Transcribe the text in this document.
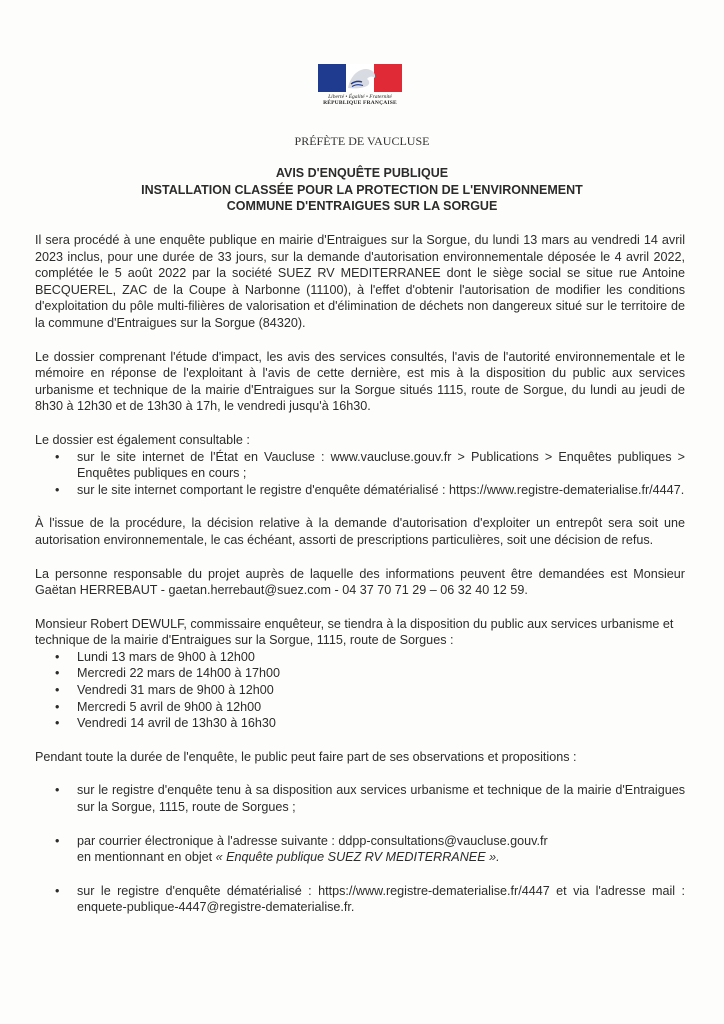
Liberté • Égalité • Fraternité
RÉPUBLIQUE FRANÇAISE
PRÉFÈTE DE VAUCLUSE
AVIS D'ENQUÊTE PUBLIQUE
INSTALLATION CLASSÉE POUR LA PROTECTION DE L'ENVIRONNEMENT
COMMUNE D'ENTRAIGUES SUR LA SORGUE

Il sera procédé à une enquête publique en mairie d'Entraigues sur la Sorgue, du lundi 13 mars au vendredi 14 avril 2023 inclus, pour une durée de 33 jours, sur la demande d'autorisation environnementale déposée le 4 avril 2022, complétée le 5 août 2022 par la société SUEZ RV MEDITERRANEE dont le siège social se situe rue Antoine BECQUEREL, ZAC de la Coupe à Narbonne (11100), à l'effet d'obtenir l'autorisation de modifier les conditions d'exploitation du pôle multi-filières de valorisation et d'élimination de déchets non dangereux situé sur le territoire de la commune d'Entraigues sur la Sorgue (84320).

Le dossier comprenant l'étude d'impact, les avis des services consultés, l'avis de l'autorité environnementale et le mémoire en réponse de l'exploitant à l'avis de cette dernière, est mis à la disposition du public aux services urbanisme et technique de la mairie d'Entraigues sur la Sorgue situés 1115, route de Sorgue, du lundi au jeudi de 8h30 à 12h30 et de 13h30 à 17h, le vendredi jusqu'à 16h30.

Le dossier est également consultable :

• sur le site internet de l'État en Vaucluse : www.vaucluse.gouv.fr > Publications > Enquêtes publiques > Enquêtes publiques en cours ;
• sur le site internet comportant le registre d'enquête dématérialisé : https://www.registre-dematerialise.fr/4447.

À l'issue de la procédure, la décision relative à la demande d'autorisation d'exploiter un entrepôt sera soit une autorisation environnementale, le cas échéant, assorti de prescriptions particulières, soit une décision de refus.

La personne responsable du projet auprès de laquelle des informations peuvent être demandées est Monsieur Gaëtan HERREBAUT - gaetan.herrebaut@suez.com - 04 37 70 71 29 – 06 32 40 12 59.

Monsieur Robert DEWULF, commissaire enquêteur, se tiendra à la disposition du public aux services urbanisme et technique de la mairie d'Entraigues sur la Sorgue, 1115, route de Sorgues :

• Lundi 13 mars de 9h00 à 12h00
• Mercredi 22 mars de 14h00 à 17h00
• Vendredi 31 mars de 9h00 à 12h00
• Mercredi 5 avril de 9h00 à 12h00
• Vendredi 14 avril de 13h30 à 16h30

Pendant toute la durée de l'enquête, le public peut faire part de ses observations et propositions :

• sur le registre d'enquête tenu à sa disposition aux services urbanisme et technique de la mairie d'Entraigues sur la Sorgue, 1115, route de Sorgues ;
• par courrier électronique à l'adresse suivante : ddpp-consultations@vaucluse.gouv.fr
en mentionnant en objet « Enquête publique SUEZ RV MEDITERRANEE ».
• sur le registre d'enquête dématérialisé : https://www.registre-dematerialise.fr/4447 et via l'adresse mail : enquete-publique-4447@registre-dematerialise.fr.
